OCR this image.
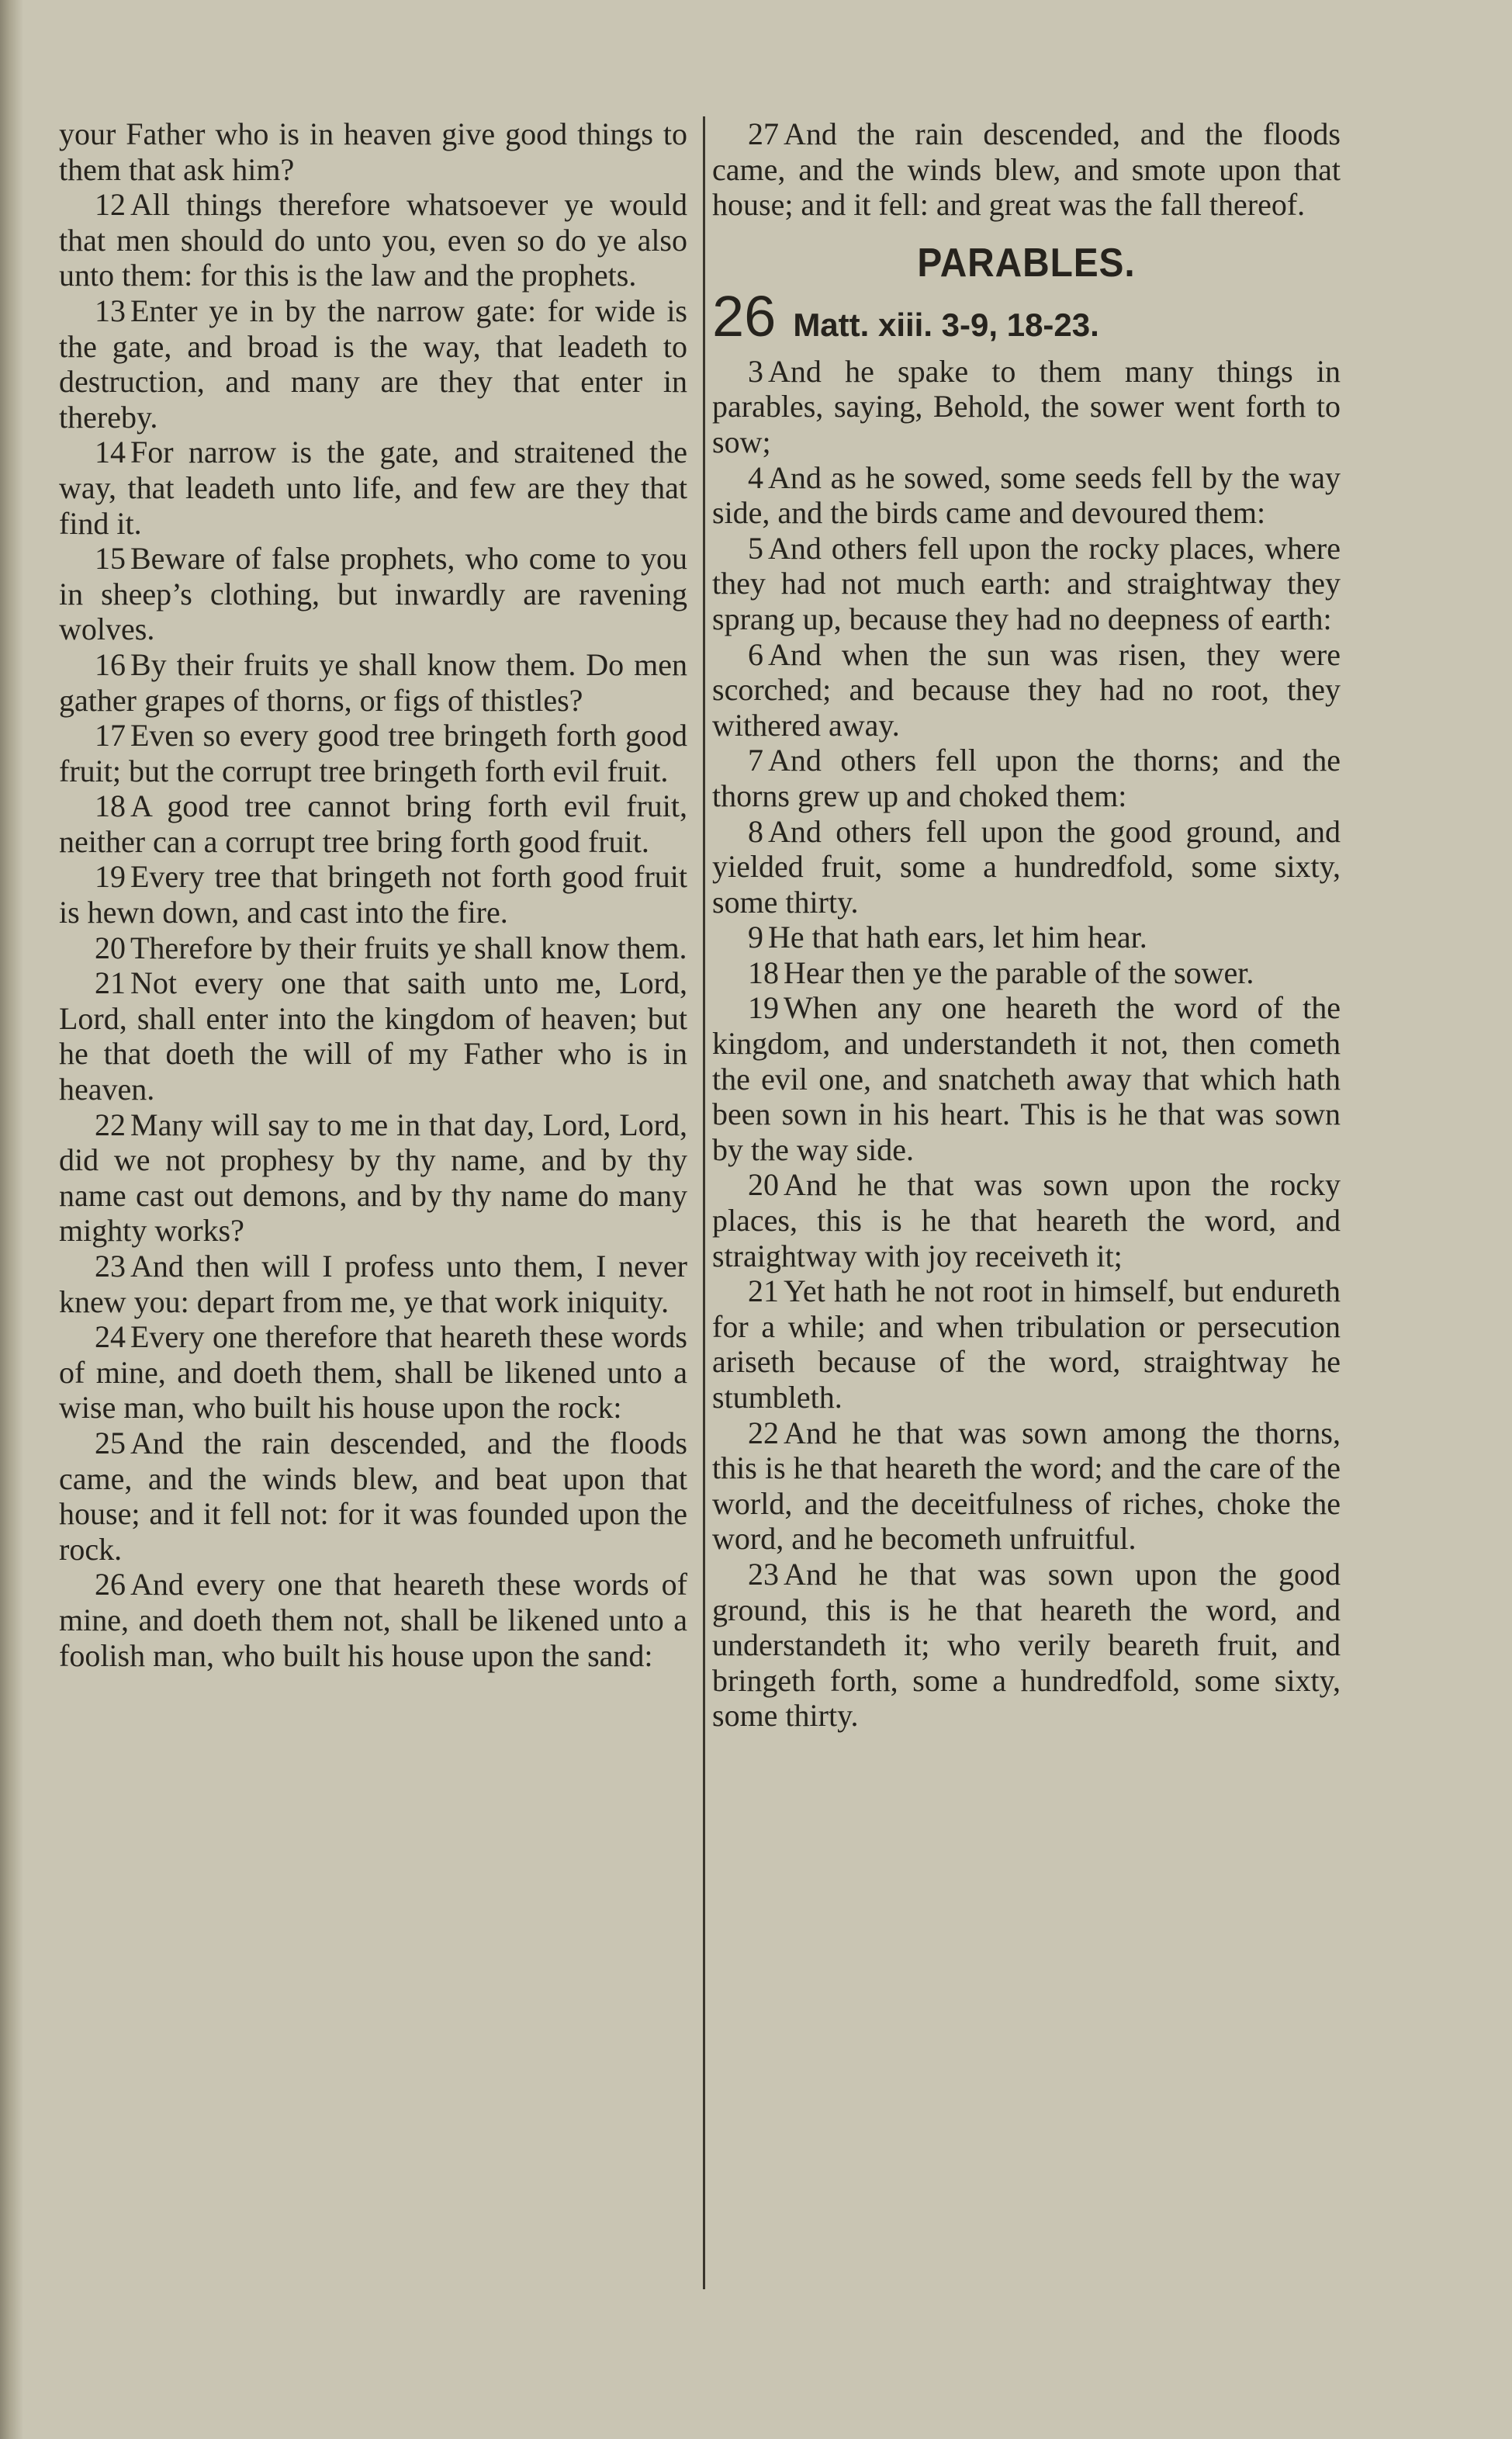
your Father who is in heaven give good things to them that ask him?

12 All things therefore whatsoever ye would that men should do unto you, even so do ye also unto them: for this is the law and the prophets.

13 Enter ye in by the narrow gate: for wide is the gate, and broad is the way, that leadeth to destruction, and many are they that enter in thereby.

14 For narrow is the gate, and straitened the way, that leadeth unto life, and few are they that find it.

15 Beware of false prophets, who come to you in sheep’s clothing, but inwardly are ravening wolves.

16 By their fruits ye shall know them. Do men gather grapes of thorns, or figs of thistles?

17 Even so every good tree bringeth forth good fruit; but the corrupt tree bringeth forth evil fruit.

18 A good tree cannot bring forth evil fruit, neither can a corrupt tree bring forth good fruit.

19 Every tree that bringeth not forth good fruit is hewn down, and cast into the fire.

20 Therefore by their fruits ye shall know them.

21 Not every one that saith unto me, Lord, Lord, shall enter into the kingdom of heaven; but he that doeth the will of my Father who is in heaven.

22 Many will say to me in that day, Lord, Lord, did we not prophesy by thy name, and by thy name cast out demons, and by thy name do many mighty works?

23 And then will I profess unto them, I never knew you: depart from me, ye that work iniquity.

24 Every one therefore that heareth these words of mine, and doeth them, shall be likened unto a wise man, who built his house upon the rock:

25 And the rain descended, and the floods came, and the winds blew, and beat upon that house; and it fell not: for it was founded upon the rock.

26 And every one that heareth these words of mine, and doeth them not, shall be likened unto a foolish man, who built his house upon the sand:

27 And the rain descended, and the floods came, and the winds blew, and smote upon that house; and it fell: and great was the fall thereof.

PARABLES.
26 Matt. xiii. 3-9, 18-23.

3 And he spake to them many things in parables, saying, Behold, the sower went forth to sow;

4 And as he sowed, some seeds fell by the way side, and the birds came and devoured them:

5 And others fell upon the rocky places, where they had not much earth: and straightway they sprang up, because they had no deepness of earth:

6 And when the sun was risen, they were scorched; and because they had no root, they withered away.

7 And others fell upon the thorns; and the thorns grew up and choked them:

8 And others fell upon the good ground, and yielded fruit, some a hundredfold, some sixty, some thirty.

9 He that hath ears, let him hear.

18 Hear then ye the parable of the sower.

19 When any one heareth the word of the kingdom, and understandeth it not, then cometh the evil one, and snatcheth away that which hath been sown in his heart. This is he that was sown by the way side.

20 And he that was sown upon the rocky places, this is he that heareth the word, and straightway with joy receiveth it;

21 Yet hath he not root in himself, but endureth for a while; and when tribulation or persecution ariseth because of the word, straightway he stumbleth.

22 And he that was sown among the thorns, this is he that heareth the word; and the care of the world, and the deceitfulness of riches, choke the word, and he becometh unfruitful.

23 And he that was sown upon the good ground, this is he that heareth the word, and understandeth it; who verily beareth fruit, and bringeth forth, some a hundredfold, some sixty, some thirty.
